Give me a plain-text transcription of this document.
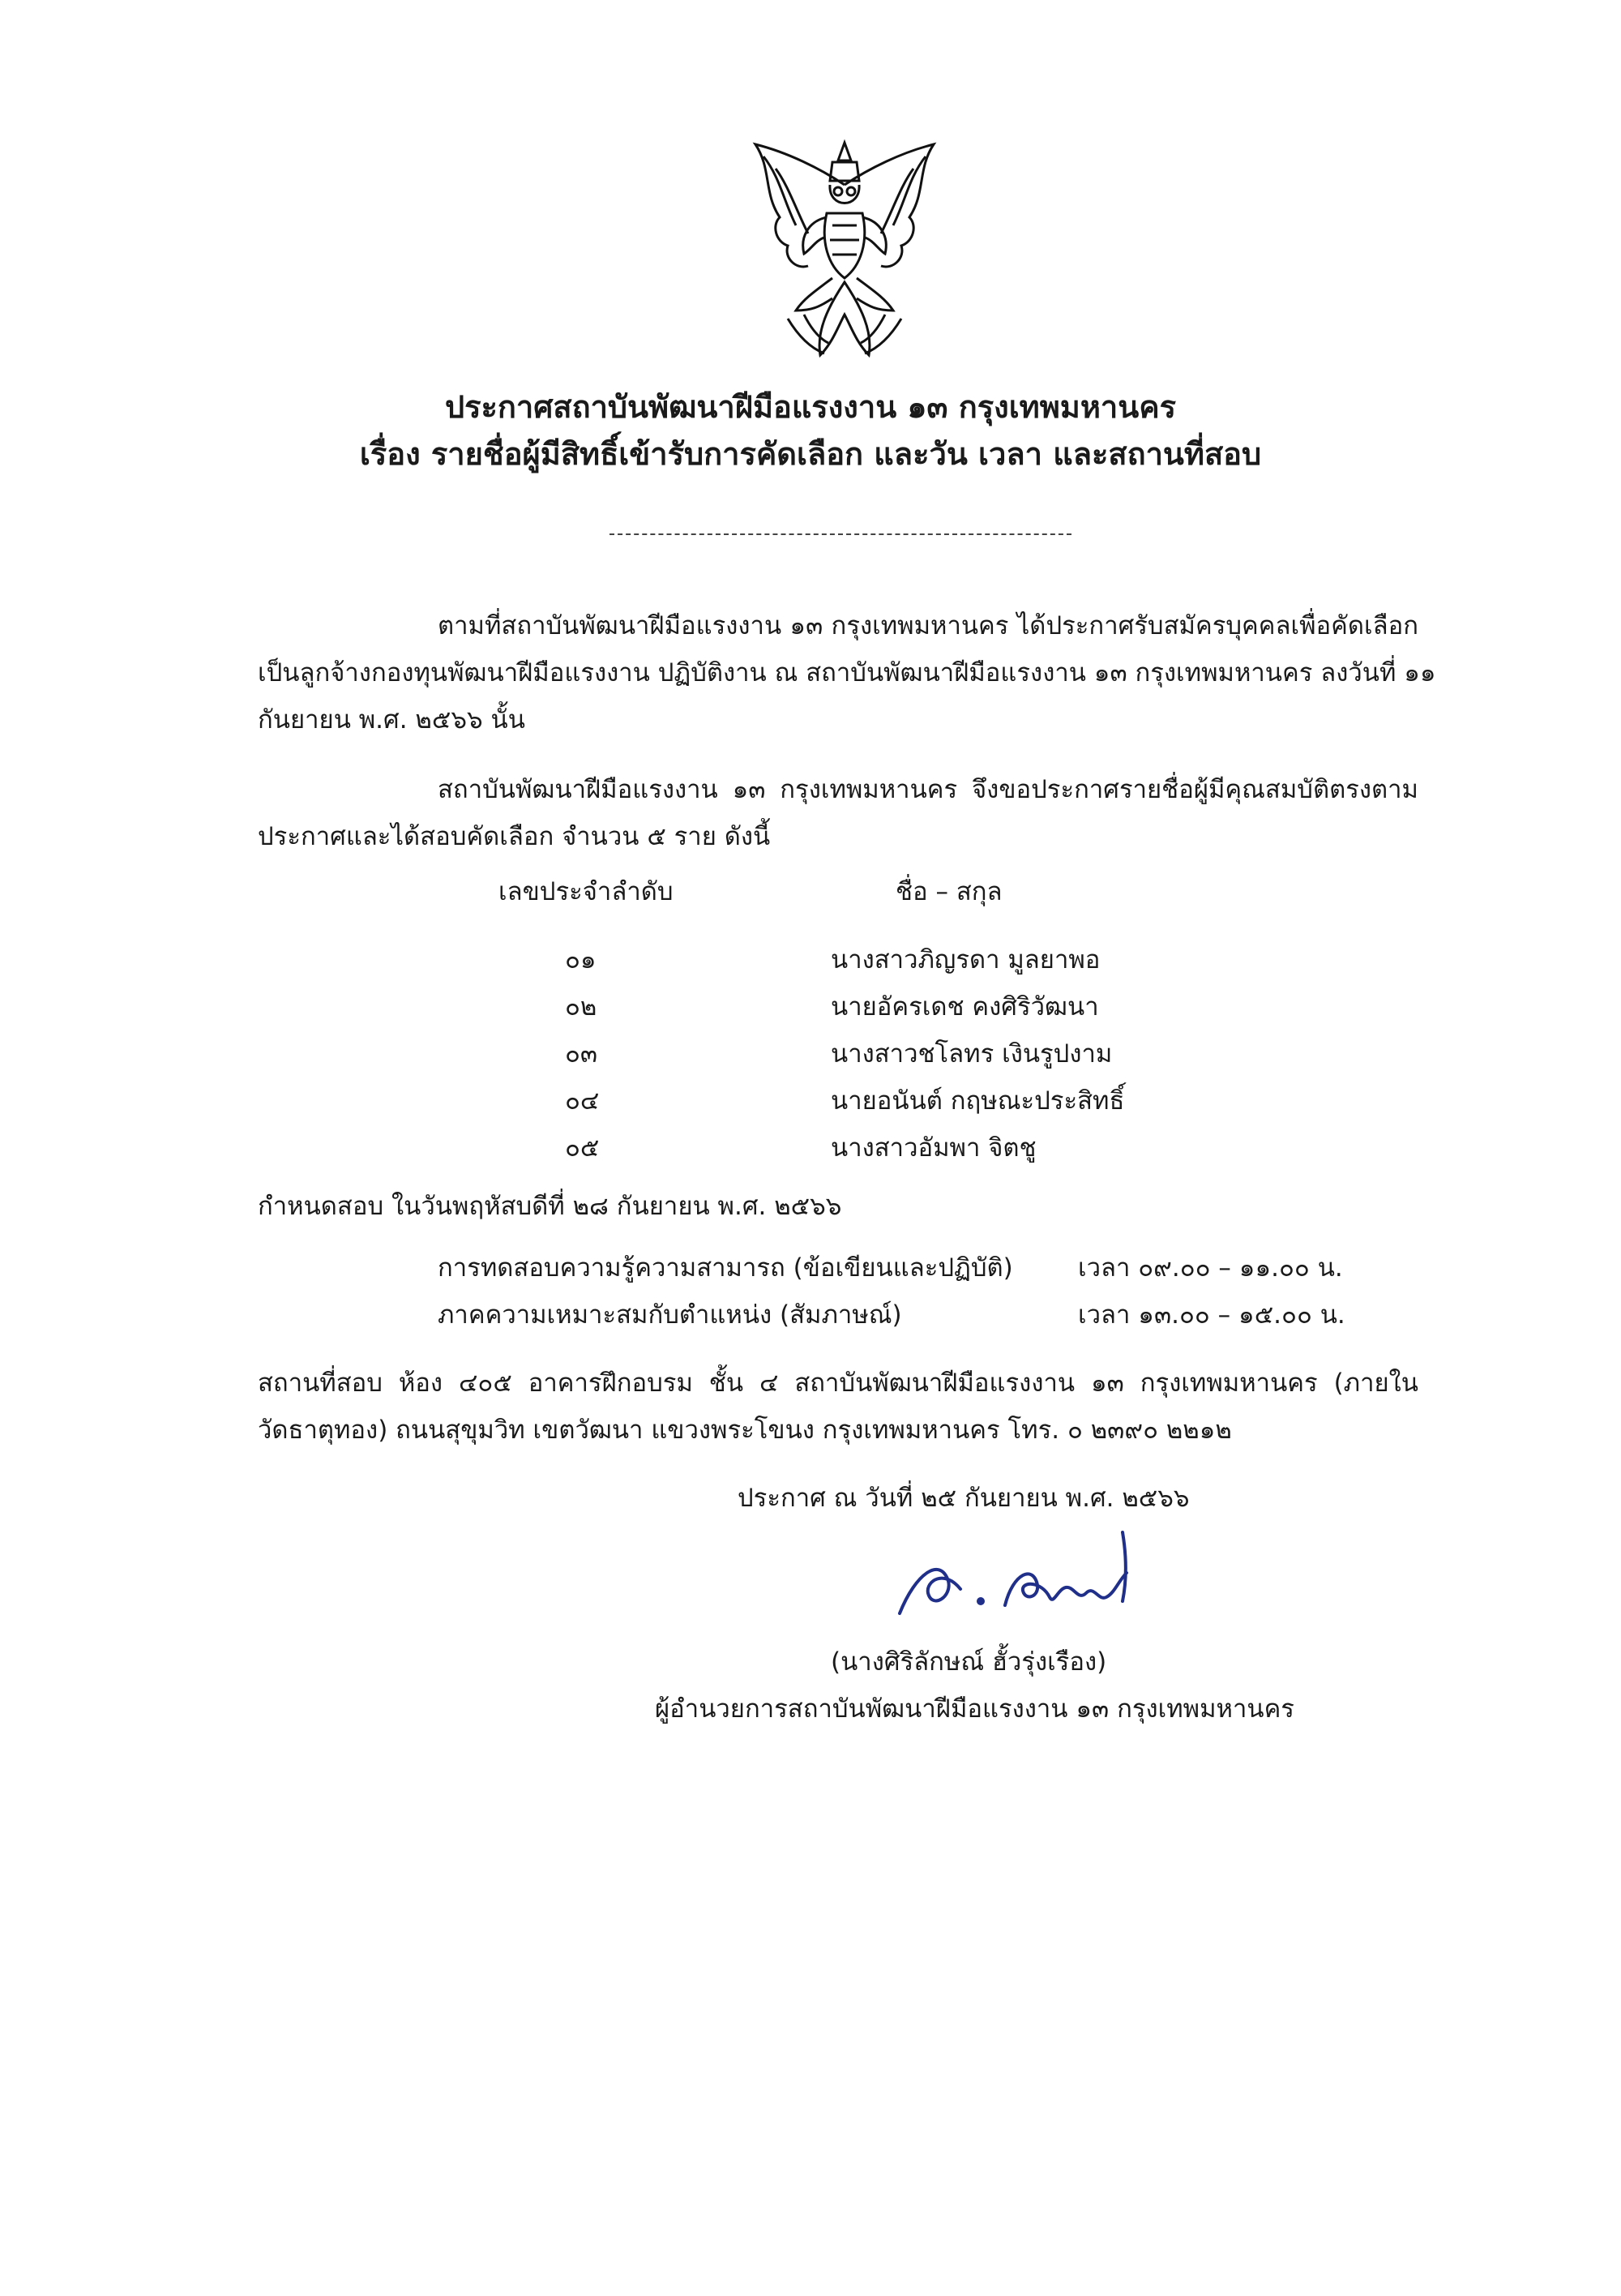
ประกาศสถาบันพัฒนาฝีมือแรงงาน ๑๓ กรุงเทพมหานคร
เรื่อง รายชื่อผู้มีสิทธิ์เข้ารับการคัดเลือก และวัน เวลา และสถานที่สอบ
ตามที่สถาบันพัฒนาฝีมือแรงงาน ๑๓ กรุงเทพมหานคร ได้ประกาศรับสมัครบุคคลเพื่อคัดเลือก
เป็นลูกจ้างกองทุนพัฒนาฝีมือแรงงาน ปฏิบัติงาน ณ สถาบันพัฒนาฝีมือแรงงาน ๑๓ กรุงเทพมหานคร ลงวันที่ ๑๑
กันยายน พ.ศ. ๒๕๖๖ นั้น
สถาบันพัฒนาฝีมือแรงงาน ๑๓ กรุงเทพมหานคร จึงขอประกาศรายชื่อผู้มีคุณสมบัติตรงตาม
ประกาศและได้สอบคัดเลือก จำนวน ๕ ราย ดังนี้
เลขประจำลำดับ	ชื่อ – สกุล
๐๑	นางสาวภิญรดา มูลยาพอ
๐๒	นายอัครเดช คงศิริวัฒนา
๐๓	นางสาวชโลทร เงินรูปงาม
๐๔	นายอนันต์ กฤษณะประสิทธิ์
๐๕	นางสาวอัมพา จิตชู
กำหนดสอบ ในวันพฤหัสบดีที่ ๒๘ กันยายน พ.ศ. ๒๕๖๖
การทดสอบความรู้ความสามารถ (ข้อเขียนและปฏิบัติ)	เวลา ๐๙.๐๐ – ๑๑.๐๐ น.
ภาคความเหมาะสมกับตำแหน่ง (สัมภาษณ์)	เวลา ๑๓.๐๐ – ๑๕.๐๐ น.
สถานที่สอบ ห้อง ๔๐๕ อาคารฝึกอบรม ชั้น ๔ สถาบันพัฒนาฝีมือแรงงาน ๑๓ กรุงเทพมหานคร (ภายใน
วัดธาตุทอง) ถนนสุขุมวิท เขตวัฒนา แขวงพระโขนง กรุงเทพมหานคร โทร. ๐ ๒๓๙๐ ๒๒๑๒
ประกาศ ณ วันที่ ๒๕ กันยายน พ.ศ. ๒๕๖๖
(นางศิริลักษณ์ ฮั้วรุ่งเรือง)
ผู้อำนวยการสถาบันพัฒนาฝีมือแรงงาน ๑๓ กรุงเทพมหานคร
